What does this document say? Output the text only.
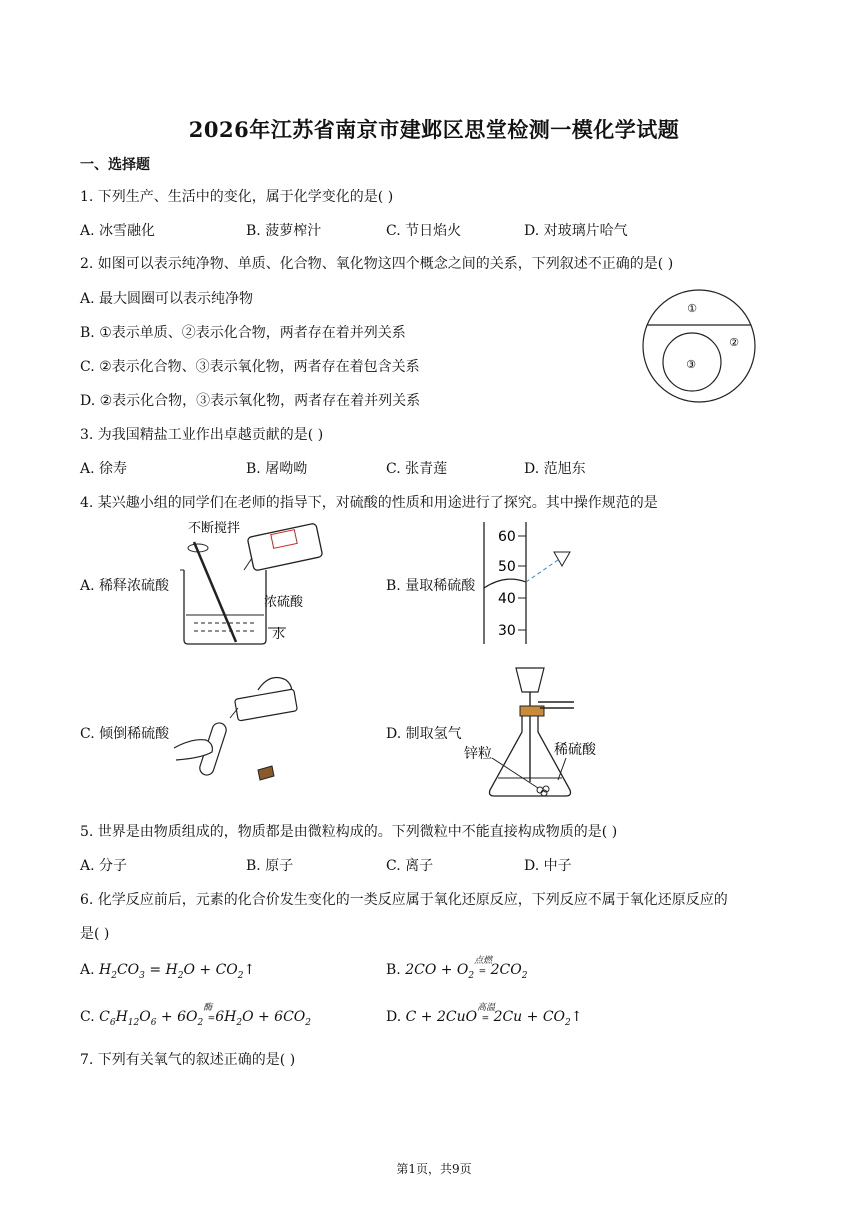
2026年江苏省南京市建邺区思堂检测一模化学试题
一、选择题
1. 下列生产、生活中的变化，属于化学变化的是( )
A. 冰雪融化	B. 菠萝榨汁	C. 节日焰火	D. 对玻璃片哈气
2. 如图可以表示纯净物、单质、化合物、氧化物这四个概念之间的关系，下列叙述不正确的是( )
A. 最大圆圈可以表示纯净物
B. ①表示单质、②表示化合物，两者存在着并列关系
C. ②表示化合物、③表示氧化物，两者存在着包含关系
D. ②表示化合物，③表示氧化物，两者存在着并列关系
①
②
③
3. 为我国精盐工业作出卓越贡献的是( )
A. 徐寿	B. 屠呦呦	C. 张青莲	D. 范旭东
4. 某兴趣小组的同学们在老师的指导下，对硫酸的性质和用途进行了探究。其中操作规范的是
A. 稀释浓硫酸
不断搅拌
浓硫酸
水
B. 量取稀硫酸
60
50
40
30
C. 倾倒稀硫酸	D. 制取氢气
锌粒	稀硫酸
5. 世界是由物质组成的，物质都是由微粒构成的。下列微粒中不能直接构成物质的是( )
A. 分子	B. 原子	C. 离子	D. 中子
6. 化学反应前后，元素的化合价发生变化的一类反应属于氧化还原反应，下列反应不属于氧化还原反应的
是( )
A. $H_2CO_3 = H_2O$ + $CO_2↑$	B. $2CO + O_2$
点燃
= $2CO_2$
C. $C_6H_{12}O_6 + 6O_2$
酶
$=6H_2O + 6CO_2$	D. C + 2CuO
高温
= $2Cu + CO_2↑$
7. 下列有关氧气的叙述正确的是( )
第1页，共9页
